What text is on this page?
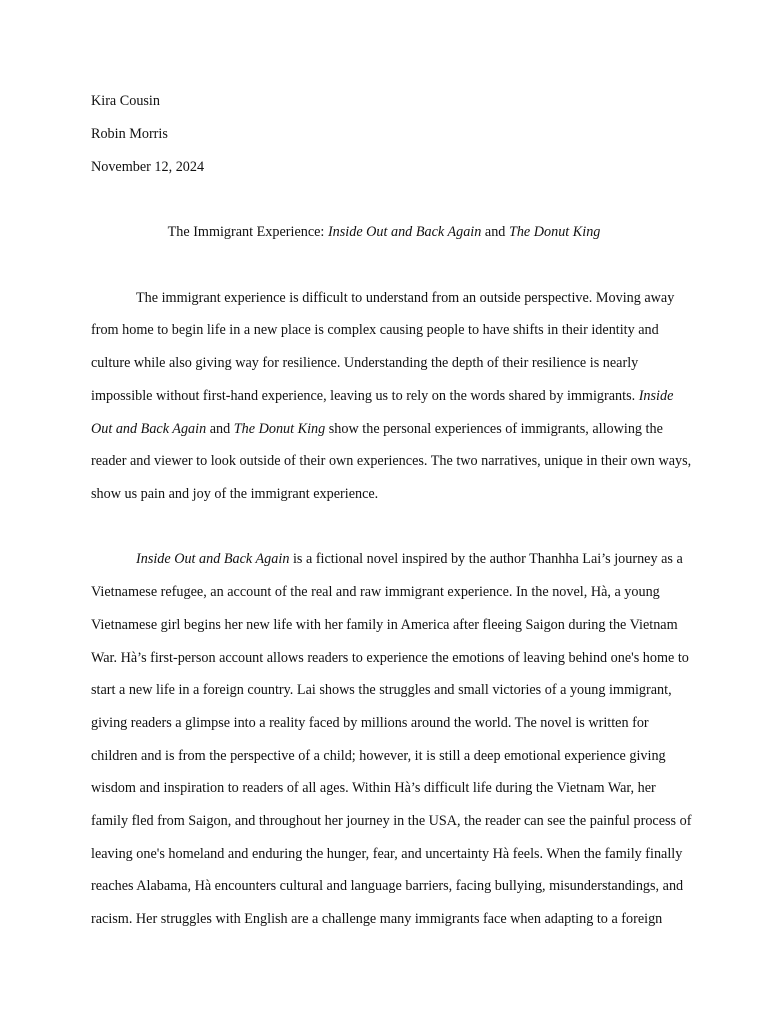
Kira Cousin
Robin Morris
November 12, 2024
The Immigrant Experience: Inside Out and Back Again and The Donut King
The immigrant experience is difficult to understand from an outside perspective. Moving away
from home to begin life in a new place is complex causing people to have shifts in their identity and
culture while also giving way for resilience. Understanding the depth of their resilience is nearly
impossible without first-hand experience, leaving us to rely on the words shared by immigrants. Inside
Out and Back Again and The Donut King show the personal experiences of immigrants, allowing the
reader and viewer to look outside of their own experiences. The two narratives, unique in their own ways,
show us pain and joy of the immigrant experience.
Inside Out and Back Again is a fictional novel inspired by the author Thanhha Lai’s journey as a
Vietnamese refugee, an account of the real and raw immigrant experience. In the novel, Hà, a young
Vietnamese girl begins her new life with her family in America after fleeing Saigon during the Vietnam
War. Hà’s first-person account allows readers to experience the emotions of leaving behind one's home to
start a new life in a foreign country. Lai shows the struggles and small victories of a young immigrant,
giving readers a glimpse into a reality faced by millions around the world. The novel is written for
children and is from the perspective of a child; however, it is still a deep emotional experience giving
wisdom and inspiration to readers of all ages. Within Hà’s difficult life during the Vietnam War, her
family fled from Saigon, and throughout her journey in the USA, the reader can see the painful process of
leaving one's homeland and enduring the hunger, fear, and uncertainty Hà feels. When the family finally
reaches Alabama, Hà encounters cultural and language barriers, facing bullying, misunderstandings, and
racism. Her struggles with English are a challenge many immigrants face when adapting to a foreign
